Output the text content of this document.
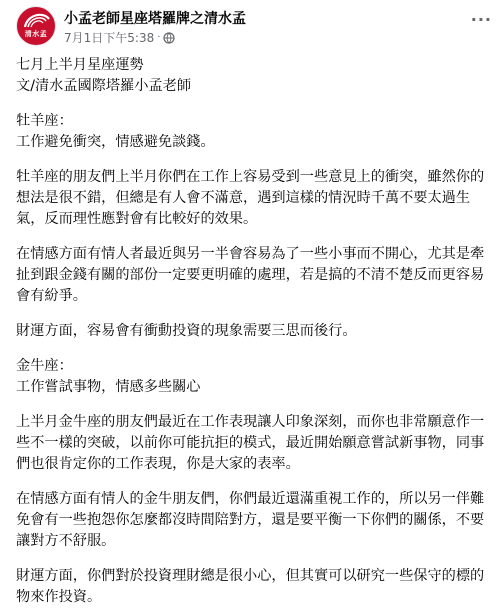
清水孟
小孟老師星座塔羅牌之清水孟
7月1日下午5:38 ·
···

七月上半月星座運勢

文/清水孟國際塔羅小孟老師

牡羊座：

工作避免衝突，情感避免談錢。

牡羊座的朋友們上半月你們在工作上容易受到一些意見上的衝突，雖然你的想法是很不錯，但總是有人會不滿意，遇到這樣的情況時千萬不要太過生氣，反而理性應對會有比較好的效果。

在情感方面有情人者最近與另一半會容易為了一些小事而不開心，尤其是牽扯到跟金錢有關的部份一定要更明確的處理，若是搞的不清不楚反而更容易會有紛爭。

財運方面，容易會有衝動投資的現象需要三思而後行。

金牛座：

工作嘗試事物，情感多些關心

上半月金牛座的朋友們最近在工作表現讓人印象深刻，而你也非常願意作一些不一樣的突破，以前你可能抗拒的模式，最近開始願意嘗試新事物，同事們也很肯定你的工作表現，你是大家的表率。

在情感方面有情人的金牛朋友們，你們最近還滿重視工作的，所以另一伴難免會有一些抱怨你怎麼都沒時間陪對方，還是要平衡一下你們的關係，不要讓對方不舒服。

財運方面，你們對於投資理財總是很小心，但其實可以研究一些保守的標的物來作投資。
